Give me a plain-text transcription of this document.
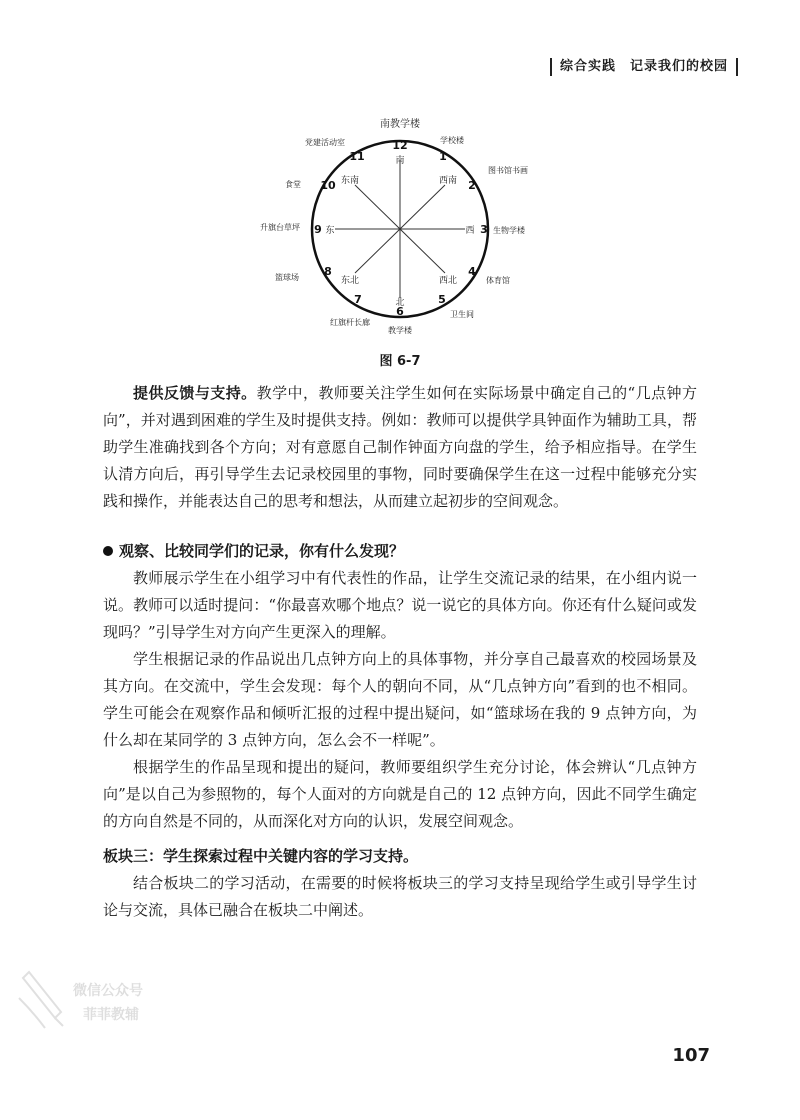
综合实践　记录我们的校园
12
1
2
3
4
5
6
7
8
9
10
11	南
北
东	西
东南	西南
东北	西北
南教学楼
学校楼
图书馆书画
生物学楼
体育馆
卫生间
教学楼
红旗杆长廊
篮球场
升旗台草坪
食堂
党建活动室
图 6-7

提供反馈与支持。教学中，教师要关注学生如何在实际场景中确定自己的“几点钟方向”，并对遇到困难的学生及时提供支持。例如：教师可以提供学具钟面作为辅助工具，帮助学生准确找到各个方向；对有意愿自己制作钟面方向盘的学生，给予相应指导。在学生认清方向后，再引导学生去记录校园里的事物，同时要确保学生在这一过程中能够充分实践和操作，并能表达自己的思考和想法，从而建立起初步的空间观念。

观察、比较同学们的记录，你有什么发现？

教师展示学生在小组学习中有代表性的作品，让学生交流记录的结果，在小组内说一说。教师可以适时提问：“你最喜欢哪个地点？说一说它的具体方向。你还有什么疑问或发现吗？”引导学生对方向产生更深入的理解。

学生根据记录的作品说出几点钟方向上的具体事物，并分享自己最喜欢的校园场景及其方向。在交流中，学生会发现：每个人的朝向不同，从“几点钟方向”看到的也不相同。学生可能会在观察作品和倾听汇报的过程中提出疑问，如“篮球场在我的 9 点钟方向，为什么却在某同学的 3 点钟方向，怎么会不一样呢”。

根据学生的作品呈现和提出的疑问，教师要组织学生充分讨论，体会辨认“几点钟方向”是以自己为参照物的，每个人面对的方向就是自己的 12 点钟方向，因此不同学生确定的方向自然是不同的，从而深化对方向的认识，发展空间观念。

板块三：学生探索过程中关键内容的学习支持。

结合板块二的学习活动，在需要的时候将板块三的学习支持呈现给学生或引导学生讨论与交流，具体已融合在板块二中阐述。

微信公众号
菲菲教辅
107
